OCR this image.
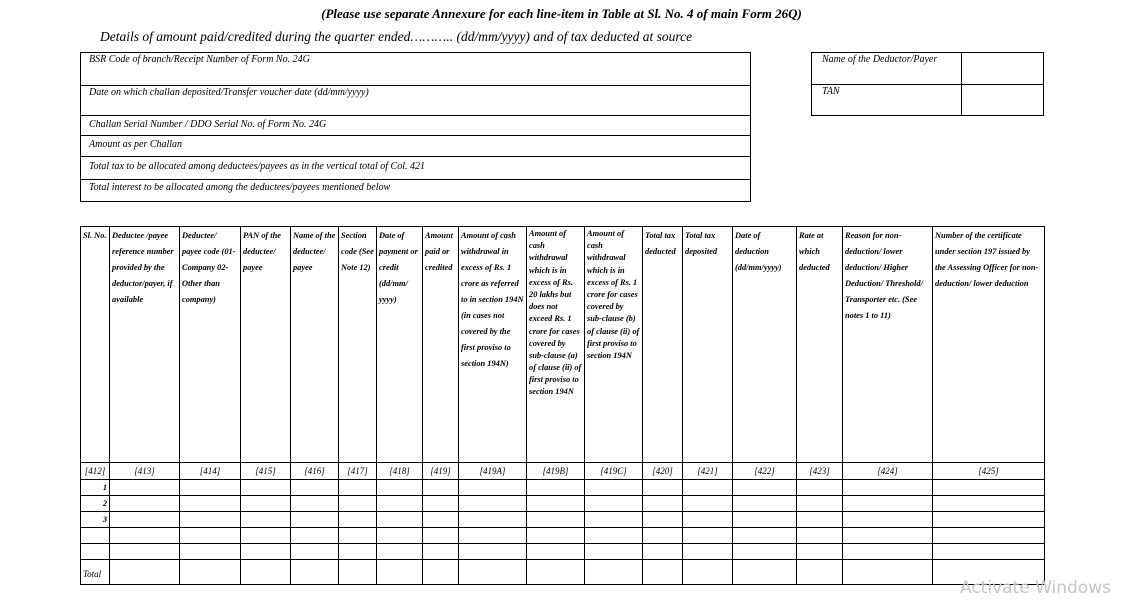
(Please use separate Annexure for each line-item in Table at Sl. No. 4 of main Form 26Q)
Details of amount paid/credited during the quarter ended……….. (dd/mm/yyyy) and of tax deducted at source
BSR Code of branch/Receipt Number of Form No. 24G
Date on which challan deposited/Transfer voucher date (dd/mm/yyyy)
Challan Serial Number / DDO Serial No. of Form No. 24G
Amount as per Challan
Total tax to be allocated among deductees/payees as in the vertical total of Col. 421
Total interest to be allocated among the deductees/payees mentioned below
Name of the Deductor/Payer
TAN
Sl. No.	Deductee /payee reference number provided by the deductor/payer, if available	Deductee/ payee code (01-Company 02-Other than company)	PAN of the deductee/ payee	Name of the deductee/ payee	Section code (See Note 12)	Date of payment or credit (dd/mm/ yyyy)	Amount paid or credited	Amount of cash withdrawal in excess of Rs. 1 crore as referred to in section 194N (in cases not covered by the first proviso to section 194N)	Amount of cash withdrawal which is in excess of Rs. 20 lakhs but does not exceed Rs. 1 crore for cases covered by sub-clause (a) of clause (ii) of first proviso to section 194N	Amount of cash withdrawal which is in excess of Rs. 1 crore for cases covered by sub-clause (b) of clause (ii) of first proviso to section 194N	Total tax deducted	Total tax deposited	Date of deduction (dd/mm/yyyy)	Rate at which deducted	Reason for non-deduction/ lower deduction/ Higher Deduction/ Threshold/ Transporter etc. (See notes 1 to 11)	Number of the certificate under section 197 issued by the Assessing Officer for non-deduction/ lower deduction
[412]	[413]	[414]	[415]	[416]	[417]	[418]	[419]	[419A]	[419B]	[419C]	[420]	[421]	[422]	[423]	[424]	[425]
1																
2																
3																

Total																
Activate Windows
